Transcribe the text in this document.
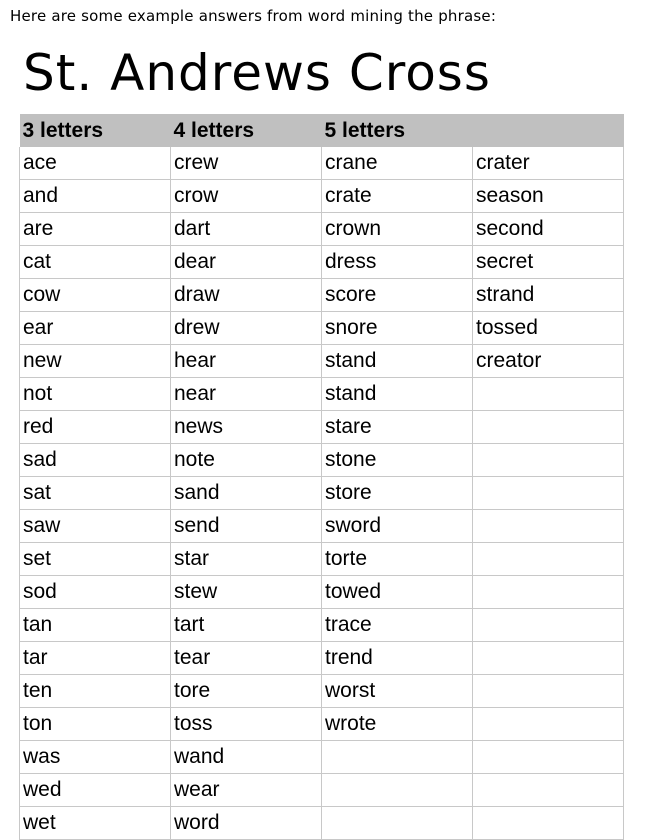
Here are some example answers from word mining the phrase:
St. Andrews Cross
3 letters	4 letters	5 letters	
ace	crew	crane	crater
and	crow	crate	season
are	dart	crown	second
cat	dear	dress	secret
cow	draw	score	strand
ear	drew	snore	tossed
new	hear	stand	creator
not	near	stand	
red	news	stare	
sad	note	stone	
sat	sand	store	
saw	send	sword	
set	star	torte	
sod	stew	towed	
tan	tart	trace	
tar	tear	trend	
ten	tore	worst	
ton	toss	wrote	
was	wand		
wed	wear		
wet	word		
